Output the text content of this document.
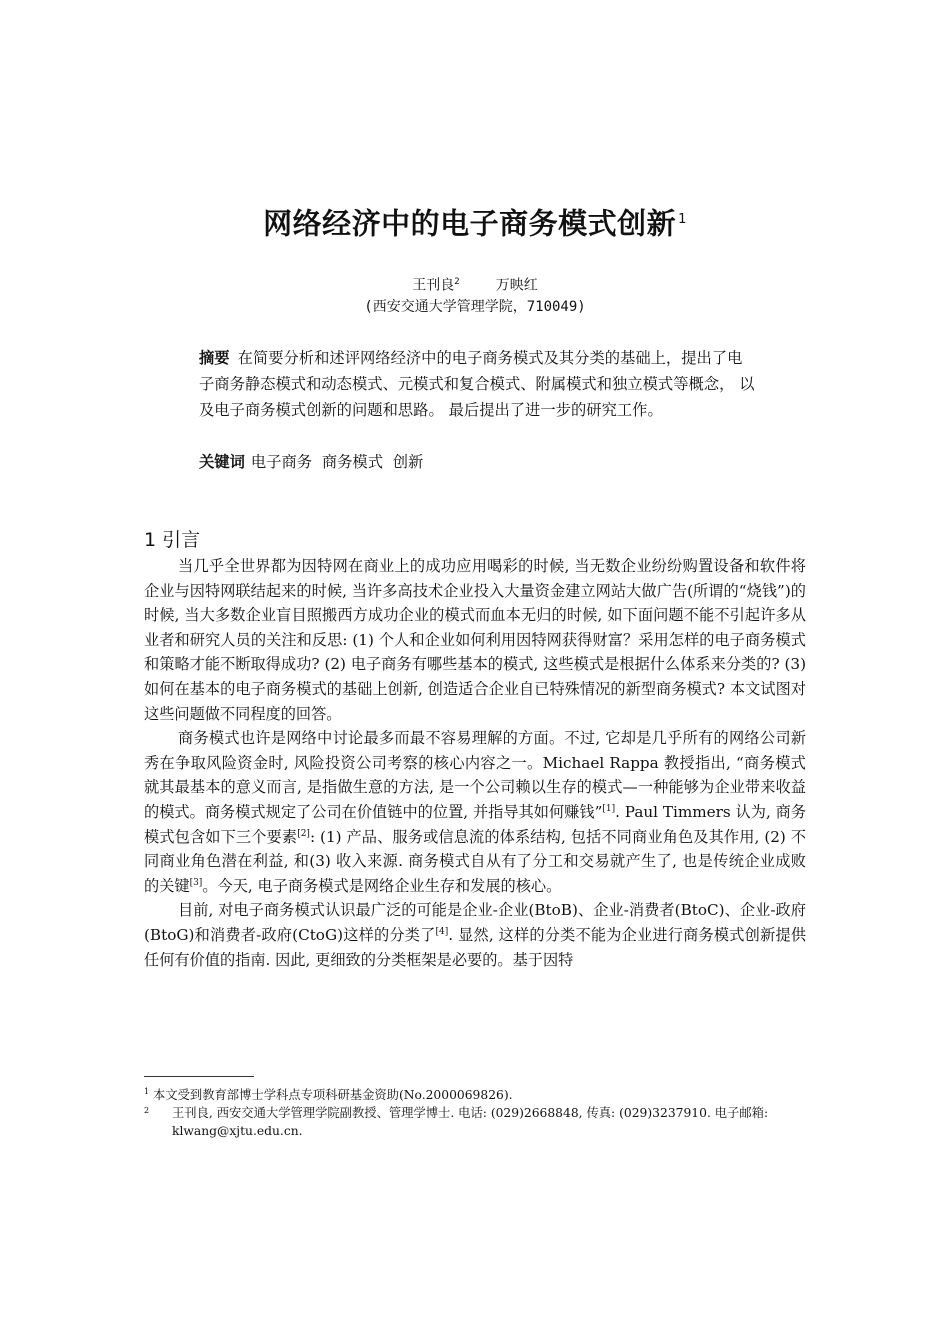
网络经济中的电子商务模式创新 $^1$
王刊良$^2$	万映红
(西安交通大学管理学院，710049)
摘要 在简要分析和述评网络经济中的电子商务模式及其分类的基础上，提出了电子商务静态模式和动态模式、元模式和复合模式、附属模式和独立模式等概念， 以及电子商务模式创新的问题和思路。 最后提出了进一步的研究工作。
关键词 电子商务  商务模式  创新
1 引言

当几乎全世界都为因特网在商业上的成功应用喝彩的时候, 当无数企业纷纷购置设备和软件将企业与因特网联结起来的时候, 当许多高技术企业投入大量资金建立网站大做广告(所谓的“烧钱”)的时候, 当大多数企业盲目照搬西方成功企业的模式而血本无归的时候, 如下面问题不能不引起许多从业者和研究人员的关注和反思: (1) 个人和企业如何利用因特网获得财富？采用怎样的电子商务模式和策略才能不断取得成功? (2) 电子商务有哪些基本的模式, 这些模式是根据什么体系来分类的? (3) 如何在基本的电子商务模式的基础上创新, 创造适合企业自已特殊情况的新型商务模式? 本文试图对这些问题做不同程度的回答。

商务模式也许是网络中讨论最多而最不容易理解的方面。不过, 它却是几乎所有的网络公司新秀在争取风险资金时, 风险投资公司考察的核心内容之一。Michael Rappa 教授指出, “商务模式就其最基本的意义而言, 是指做生意的方法, 是一个公司赖以生存的模式—一种能够为企业带来收益的模式。商务模式规定了公司在价值链中的位置, 并指导其如何赚钱”[1]. Paul Timmers 认为, 商务模式包含如下三个要素[2]: (1) 产品、服务或信息流的体系结构, 包括不同商业角色及其作用, (2) 不同商业角色潜在利益, 和(3) 收入来源. 商务模式自从有了分工和交易就产生了, 也是传统企业成败的关键[3]。今天, 电子商务模式是网络企业生存和发展的核心。

目前, 对电子商务模式认识最广泛的可能是企业-企业(BtoB)、企业-消费者(BtoC)、企业-政府(BtoG)和消费者-政府(CtoG)这样的分类了[4]. 显然, 这样的分类不能为企业进行商务模式创新提供任何有价值的指南. 因此, 更细致的分类框架是必要的。基于因特

$^1$ 本文受到教育部博士学科点专项科研基金资助(No.2000069826).

2 王刊良, 西安交通大学管理学院副教授、管理学博士. 电话: (029)2668848, 传真: (029)3237910. 电子邮箱: klwang@xjtu.edu.cn.
